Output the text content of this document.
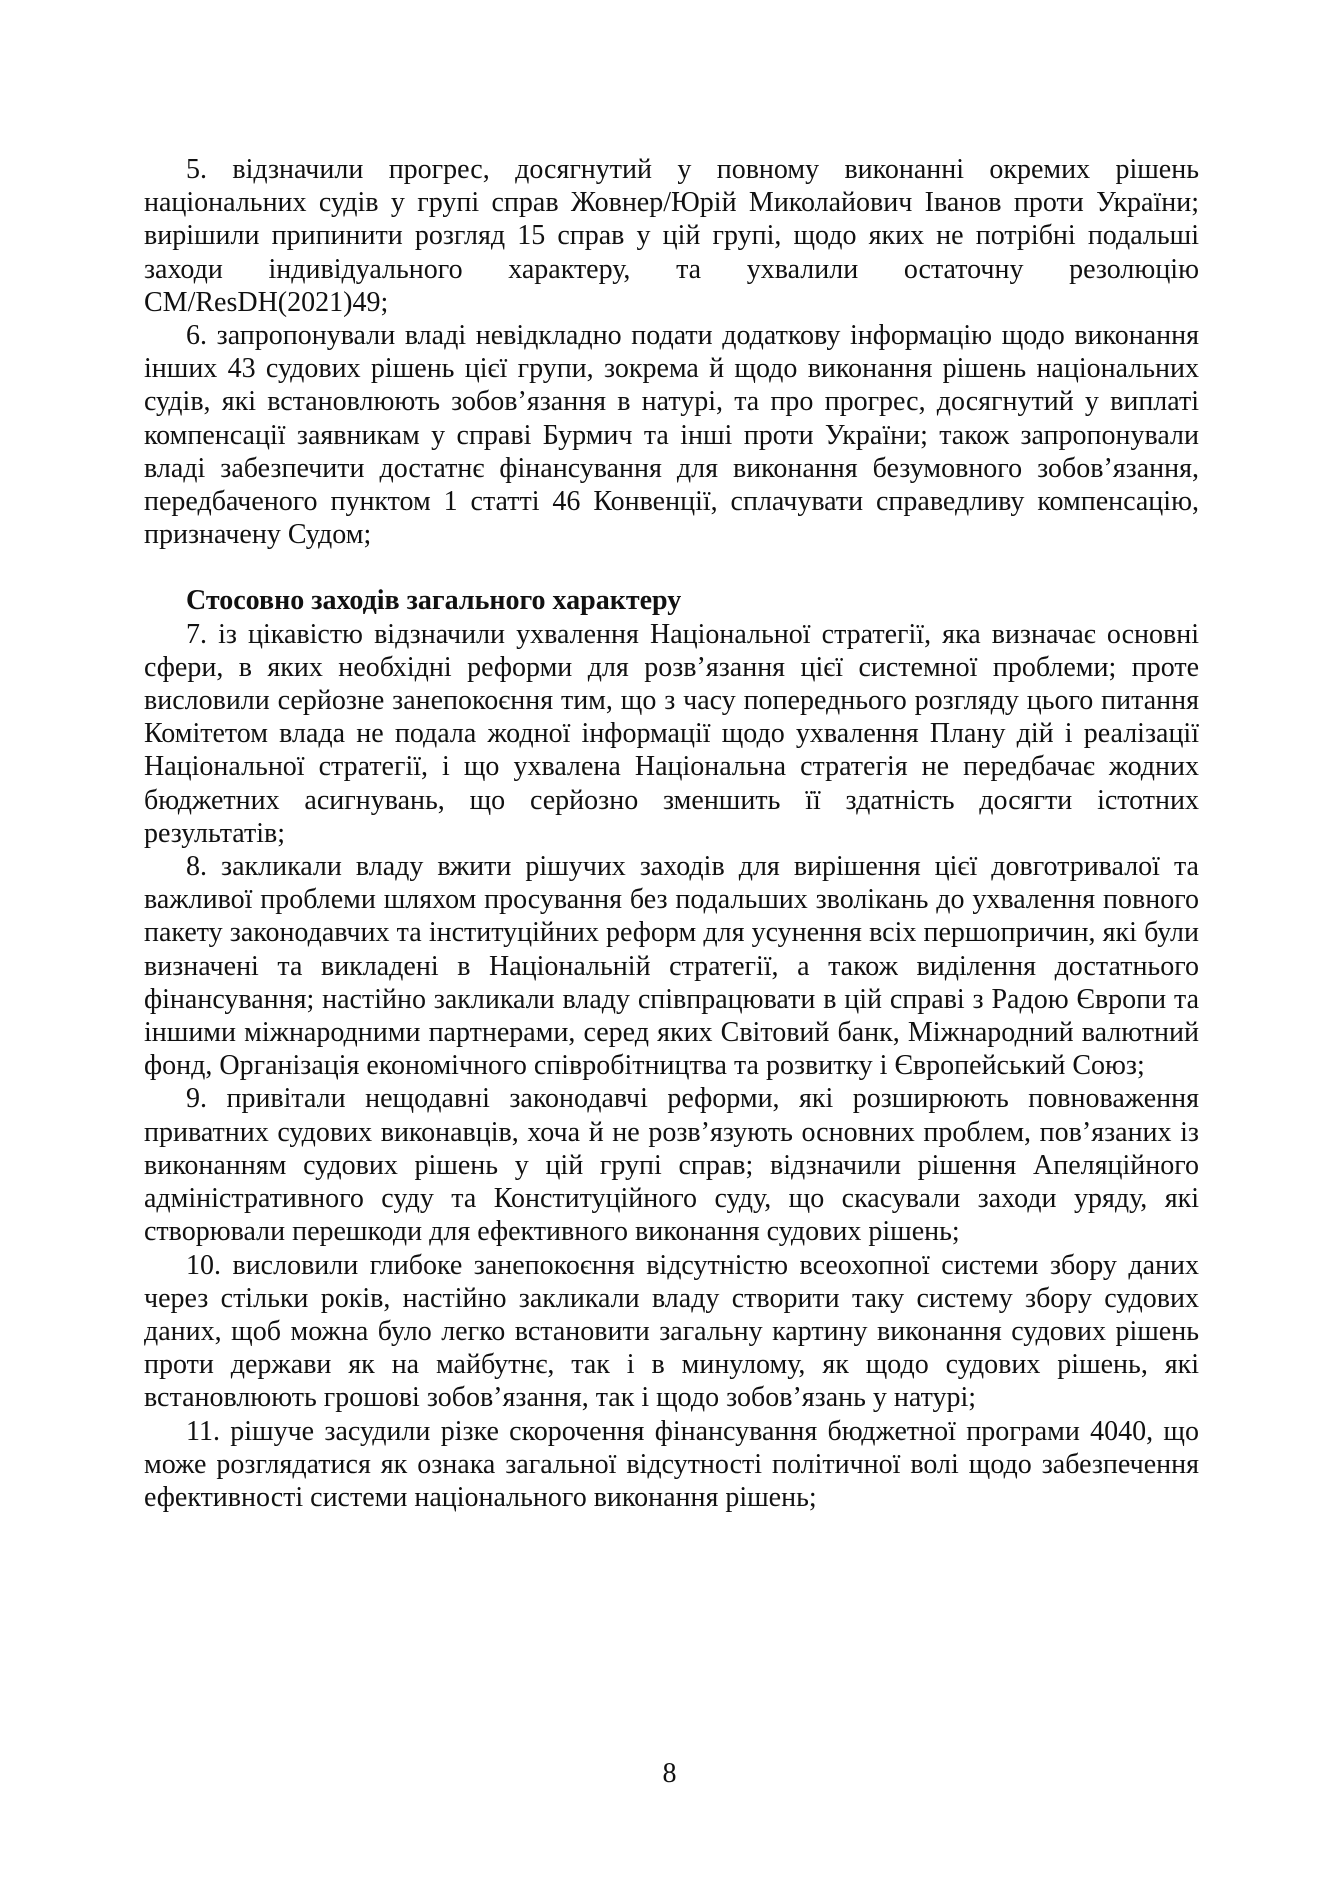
5. відзначили прогрес, досягнутий у повному виконанні окремих рішень національних судів у групі справ Жовнер/Юрій Миколайович Іванов проти України; вирішили припинити розгляд 15 справ у цій групі, щодо яких не потрібні подальші заходи індивідуального характеру, та ухвалили остаточну резолюцію CM/ResDH(2021)49;

6. запропонували владі невідкладно подати додаткову інформацію щодо виконання інших 43 судових рішень цієї групи, зокрема й щодо виконання рішень національних судів, які встановлюють зобов’язання в натурі, та про прогрес, досягнутий у виплаті компенсації заявникам у справі Бурмич та інші проти України; також запропонували владі забезпечити достатнє фінансування для виконання безумовного зобов’язання, передбаченого пунктом 1 статті 46 Конвенції, сплачувати справедливу компенсацію, призначену Судом;

Стосовно заходів загального характеру

7. із цікавістю відзначили ухвалення Національної стратегії, яка визначає основні сфери, в яких необхідні реформи для розв’язання цієї системної проблеми; проте висловили серйозне занепокоєння тим, що з часу попереднього розгляду цього питання Комітетом влада не подала жодної інформації щодо ухвалення Плану дій і реалізації Національної стратегії, і що ухвалена Національна стратегія не передбачає жодних бюджетних асигнувань, що серйозно зменшить її здатність досягти істотних результатів;

8. закликали владу вжити рішучих заходів для вирішення цієї довготривалої та важливої проблеми шляхом просування без подальших зволікань до ухвалення повного пакету законодавчих та інституційних реформ для усунення всіх першопричин, які були визначені та викладені в Національній стратегії, а також виділення достатнього фінансування; настійно закликали владу співпрацювати в цій справі з Радою Європи та іншими міжнародними партнерами, серед яких Світовий банк, Міжнародний валютний фонд, Організація економічного співробітництва та розвитку і Європейський Союз;

9. привітали нещодавні законодавчі реформи, які розширюють повноваження приватних судових виконавців, хоча й не розв’язують основних проблем, пов’язаних із виконанням судових рішень у цій групі справ; відзначили рішення Апеляційного адміністративного суду та Конституційного суду, що скасували заходи уряду, які створювали перешкоди для ефективного виконання судових рішень;

10. висловили глибоке занепокоєння відсутністю всеохопної системи збору даних через стільки років, настійно закликали владу створити таку систему збору судових даних, щоб можна було легко встановити загальну картину виконання судових рішень проти держави як на майбутнє, так і в минулому, як щодо судових рішень, які встановлюють грошові зобов’язання, так і щодо зобов’язань у натурі;

11. рішуче засудили різке скорочення фінансування бюджетної програми 4040, що може розглядатися як ознака загальної відсутності політичної волі щодо забезпечення ефективності системи національного виконання рішень;

8
